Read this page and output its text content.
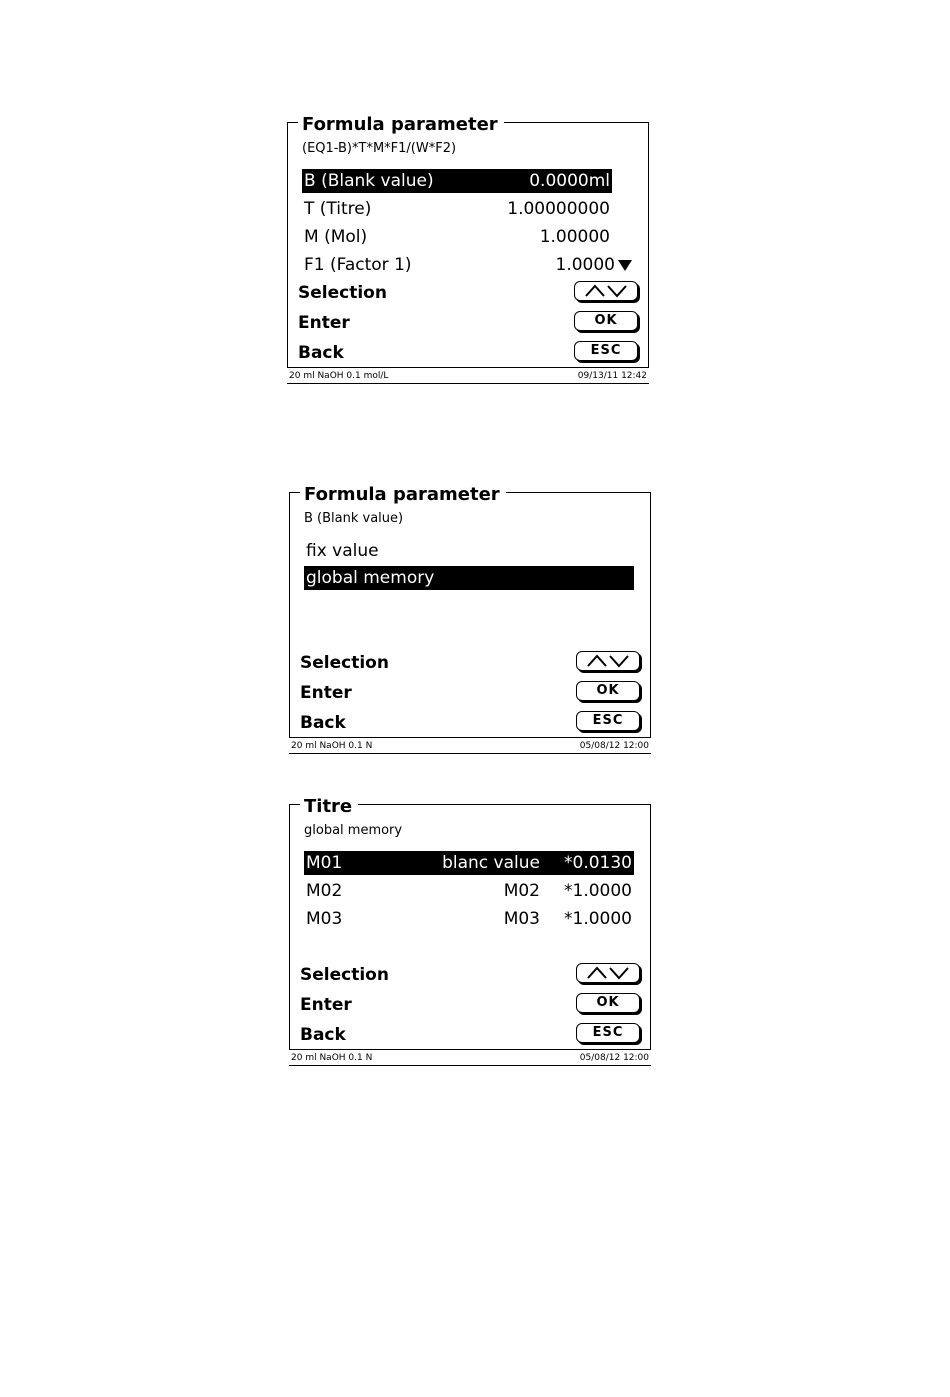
Formula parameter
(EQ1-B)*T*M*F1/(W*F2)
B (Blank value)	0.0000ml
T (Titre)	1.00000000
M (Mol)	1.00000
F1 (Factor 1)	1.0000
Selection
Enter	OK
Back	ESC
20 ml NaOH 0.1 mol/L	09/13/11 12:42
Formula parameter
B (Blank value)
fix value
global memory
Selection
Enter	OK
Back	ESC
20 ml NaOH 0.1 N	05/08/12 12:00
Titre
global memory
M01	blanc value *0.0130
M02	M02 *1.0000
M03	M03 *1.0000
Selection
Enter	OK
Back	ESC
20 ml NaOH 0.1 N	05/08/12 12:00
